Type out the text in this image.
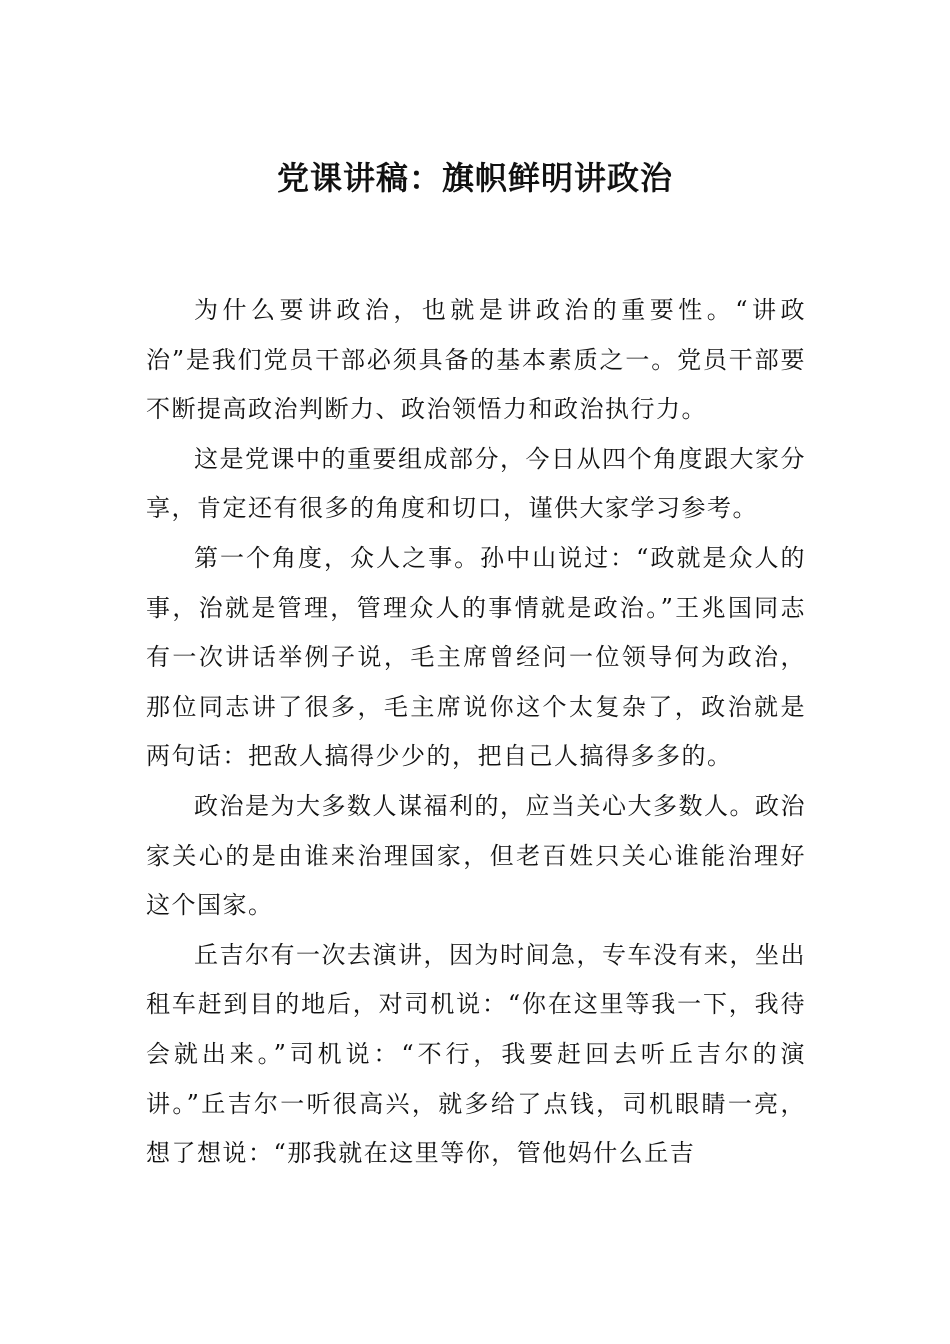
党课讲稿：旗帜鲜明讲政治

为什么要讲政治，也就是讲政治的重要性。“讲政治”是我们党员干部必须具备的基本素质之一。党员干部要不断提高政治判断力、政治领悟力和政治执行力。

这是党课中的重要组成部分，今日从四个角度跟大家分享，肯定还有很多的角度和切口，谨供大家学习参考。

第一个角度，众人之事。孙中山说过：“政就是众人的事，治就是管理，管理众人的事情就是政治。”王兆国同志有一次讲话举例子说，毛主席曾经问一位领导何为政治，那位同志讲了很多，毛主席说你这个太复杂了，政治就是两句话：把敌人搞得少少的，把自己人搞得多多的。

政治是为大多数人谋福利的，应当关心大多数人。政治家关心的是由谁来治理国家，但老百姓只关心谁能治理好这个国家。

丘吉尔有一次去演讲，因为时间急，专车没有来，坐出租车赶到目的地后，对司机说：“你在这里等我一下，我待会就出来。”司机说：“不行，我要赶回去听丘吉尔的演讲。”丘吉尔一听很高兴，就多给了点钱，司机眼睛一亮，想了想说：“那我就在这里等你，管他妈什么丘吉
